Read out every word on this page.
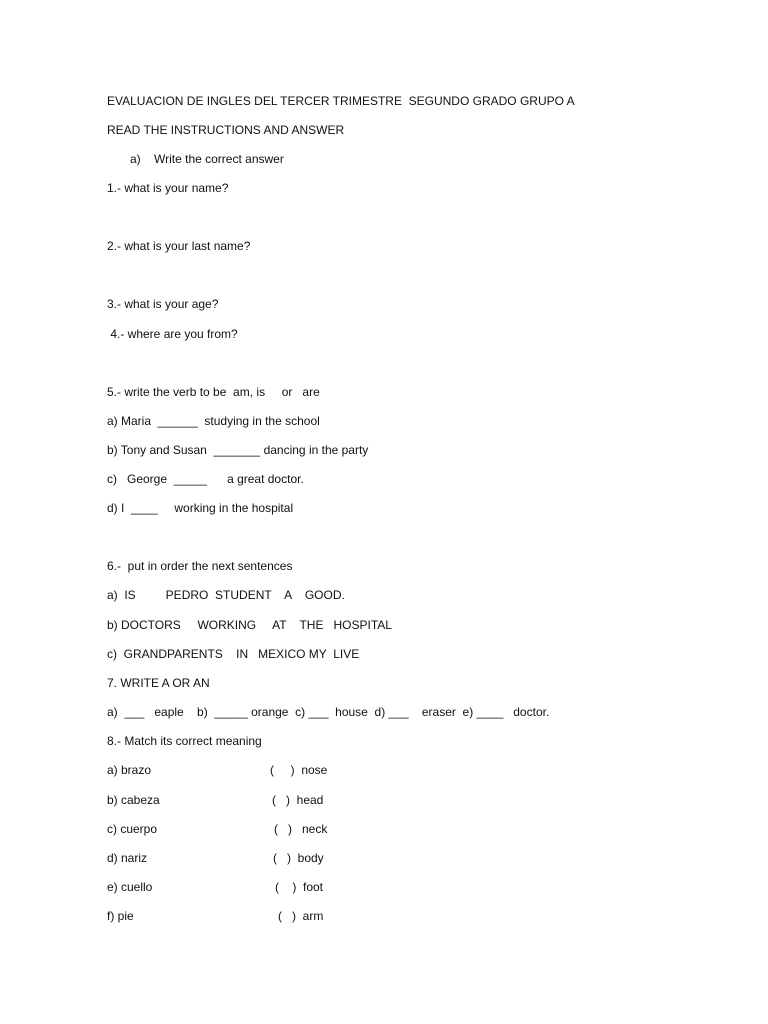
EVALUACION DE INGLES DEL TERCER TRIMESTRE  SEGUNDO GRADO GRUPO A
READ THE INSTRUCTIONS AND ANSWER
a)    Write the correct answer
1.- what is your name?
2.- what is your last name?
3.- what is your age?
4.- where are you from?
5.- write the verb to be  am, is     or   are
a) Maria  ______  studying in the school
b) Tony and Susan  _______ dancing in the party
c)   George  _____      a great doctor.
d) I  ____     working in the hospital
6.-  put in order the next sentences
a)  IS         PEDRO  STUDENT    A    GOOD.
b) DOCTORS     WORKING     AT    THE   HOSPITAL
c)  GRANDPARENTS    IN   MEXICO MY  LIVE
7. WRITE A OR AN
a)  ___   eaple    b)  _____ orange  c) ___  house  d) ___    eraser  e) ____   doctor.
8.- Match its correct meaning
a) brazo	(     )  nose
b) cabeza	(   )  head
c) cuerpo	(   )   neck
d) nariz	(   )  body
e) cuello	(    )  foot
f) pie	(   )  arm
